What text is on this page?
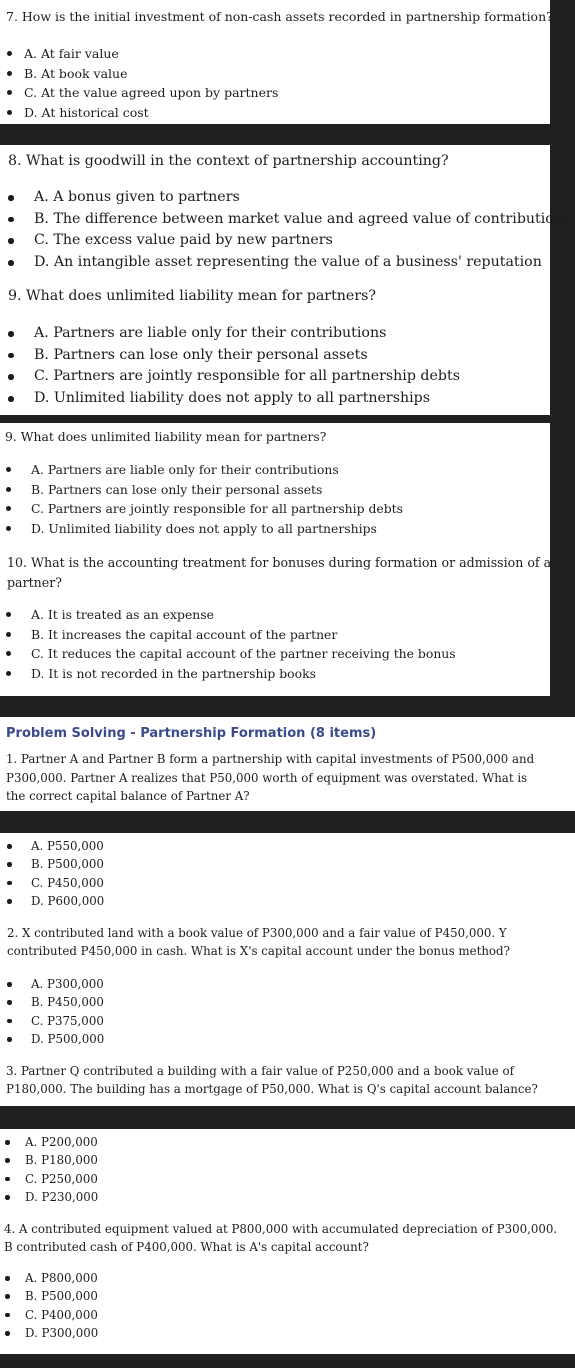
7. How is the initial investment of non-cash assets recorded in partnership formation?
A. At fair value
B. At book value
C. At the value agreed upon by partners
D. At historical cost
8. What is goodwill in the context of partnership accounting?
A. A bonus given to partners
B. The difference between market value and agreed value of contributions
C. The excess value paid by new partners
D. An intangible asset representing the value of a business' reputation
9. What does unlimited liability mean for partners?
A. Partners are liable only for their contributions
B. Partners can lose only their personal assets
C. Partners are jointly responsible for all partnership debts
D. Unlimited liability does not apply to all partnerships
9. What does unlimited liability mean for partners?
A. Partners are liable only for their contributions
B. Partners can lose only their personal assets
C. Partners are jointly responsible for all partnership debts
D. Unlimited liability does not apply to all partnerships
10. What is the accounting treatment for bonuses during formation or admission of a partner?
A. It is treated as an expense
B. It increases the capital account of the partner
C. It reduces the capital account of the partner receiving the bonus
D. It is not recorded in the partnership books
Problem Solving - Partnership Formation (8 items)
1. Partner A and Partner B form a partnership with capital investments of P500,000 and P300,000. Partner A realizes that P50,000 worth of equipment was overstated. What is the correct capital balance of Partner A?
A. P550,000
B. P500,000
C. P450,000
D. P600,000
2. X contributed land with a book value of P300,000 and a fair value of P450,000. Y contributed P450,000 in cash. What is X's capital account under the bonus method?
A. P300,000
B. P450,000
C. P375,000
D. P500,000
3. Partner Q contributed a building with a fair value of P250,000 and a book value of P180,000. The building has a mortgage of P50,000. What is Q's capital account balance?
A. P200,000
B. P180,000
C. P250,000
D. P230,000
4. A contributed equipment valued at P800,000 with accumulated depreciation of P300,000. B contributed cash of P400,000. What is A's capital account?
A. P800,000
B. P500,000
C. P400,000
D. P300,000
